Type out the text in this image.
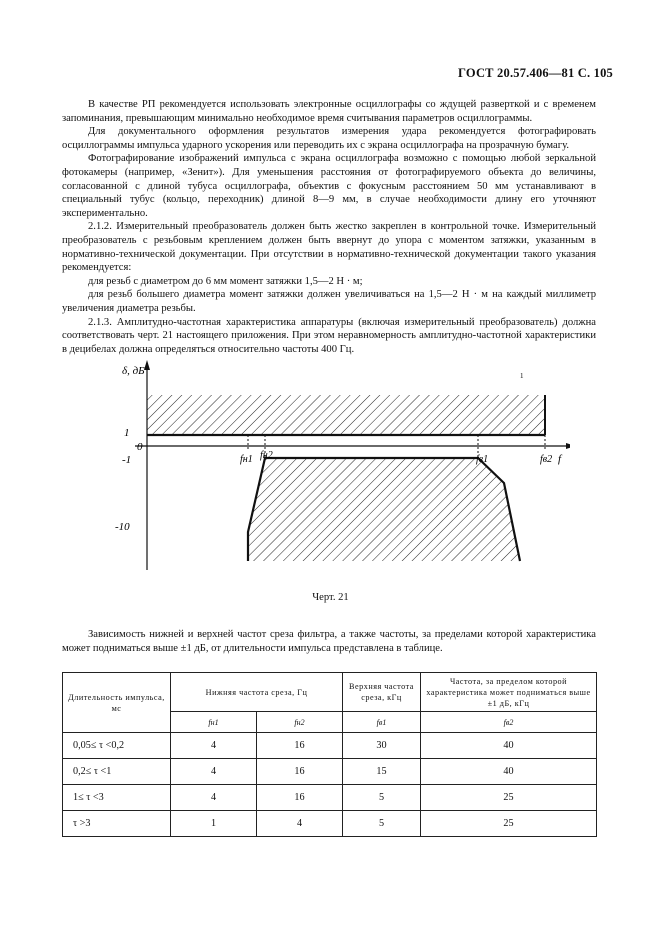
ГОСТ 20.57.406—81 С. 105

В качестве РП рекомендуется использовать электронные осциллографы со ждущей разверткой и с временем запоминания, превышающим минимально необходимое время считывания параметров осциллограммы.

Для документального оформления результатов измерения удара рекомендуется фотографировать осциллограммы импульса ударного ускорения или переводить их с экрана осциллографа на прозрачную бумагу.

Фотографирование изображений импульса с экрана осциллографа возможно с помощью любой зеркальной фотокамеры (например, «Зенит»). Для уменьшения расстояния от фотографируемого объекта до величины, согласованной с длиной тубуса осциллографа, объектив с фокусным расстоянием 50 мм устанавливают в специальный тубус (кольцо, переходник) длиной 8—9 мм, в случае необходимости длину его уточняют экспериментально.

2.1.2. Измерительный преобразователь должен быть жестко закреплен в контрольной точке. Измерительный преобразователь с резьбовым креплением должен быть ввернут до упора с моментом затяжки, указанным в нормативно-технической документации. При отсутствии в нормативно-технической документации такого указания рекомендуется:

для резьб с диаметром до 6 мм момент затяжки 1,5—2 Н · м;

для резьб большего диаметра момент затяжки должен увеличиваться на 1,5—2 Н · м на каждый миллиметр увеличения диаметра резьбы.

2.1.3. Амплитудно-частотная характеристика аппаратуры (включая измерительный преобразователь) должна соответствовать черт. 21 настоящего приложения. При этом неравномерность амплитудно-частотной характеристики в децибелах должна определяться относительно частоты 400 Гц.

δ, дБ
1
0
-1
-10
fн1 fн2	fв1	fв2 f
1
Черт. 21

Зависимость нижней и верхней частот среза фильтра, а также частоты, за пределами которой характеристика может подниматься выше ±1 дБ, от длительности импульса представлена в таблице.

Длительность импульса, мс	Нижняя частота среза, Гц		Верхняя частота среза, кГц	Частота, за пределом которой характеристика может подниматься выше ±1 дБ, кГц
	fн1	fн2	fв1	fв2
0,05≤ τ <0,2	4	16	30	40
0,2≤ τ <1	4	16	15	40
1≤ τ <3	4	16	5	25
τ >3	1	4	5	25
